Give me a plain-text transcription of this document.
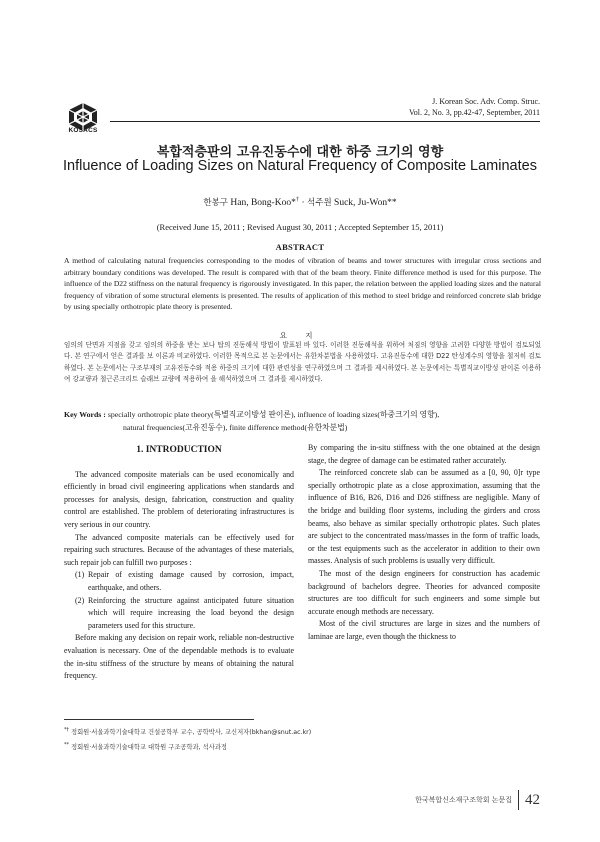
KOSACS
J. Korean Soc. Adv. Comp. Struc.
Vol. 2, No. 3, pp.42-47, September, 2011
복합적층판의 고유진동수에 대한 하중 크기의 영향
Influence of Loading Sizes on Natural Frequency of Composite Laminates
한봉구 Han, Bong-Koo*† · 석주원 Suck, Ju-Won**
(Received June 15, 2011 ; Revised August 30, 2011 ; Accepted September 15, 2011)
ABSTRACT
A method of calculating natural frequencies corresponding to the modes of vibration of beams and tower structures with irregular cross sections and arbitrary boundary conditions was developed. The result is compared with that of the beam theory. Finite difference method is used for this purpose. The influence of the D22 stiffness on the natural frequency is rigorously investigated. In this paper, the relation between the applied loading sizes and the natural frequency of vibration of some structural elements is presented. The results of application of this method to steel bridge and reinforced concrete slab bridge by using specially orthotropic plate theory is presented.
요 지
임의의 단면과 지점을 갖고 임의의 하중을 받는 보나 탑의 진동해석 방법이 발표된 바 있다. 이러한 진동해석을 위하여 처짐의 영향을 고려한 다양한 방법이 검토되었다. 본 연구에서 얻은 결과를 보 이론과 비교하였다. 이러한 목적으로 본 논문에서는 유한차분법을 사용하였다. 고유진동수에 대한 D22 탄성계수의 영향을 철저히 검토하였다. 본 논문에서는 구조부재의 고유진동수와 적용 하중의 크기에 대한 관련성을 연구하였으며 그 결과를 제시하였다. 본 논문에서는 특별직교이방성 판이론 이용하여 강교량과 철근콘크리트 슬래브 교량에 적용하여 을 해석하였으며 그 결과를 제시하였다.
Key Words : specially orthotropic plate theory(특별직교이방성 판이론), influence of loading sizes(하중크기의 영향),
natural frequencies(고유진동수), finite difference method(유한차분법)
1. INTRODUCTION

The advanced composite materials can be used economically and efficiently in broad civil engineering applications when standards and processes for analysis, design, fabrication, construction and quality control are established. The problem of deteriorating infrastructures is very serious in our country.

The advanced composite materials can be effectively used for repairing such structures. Because of the advantages of these materials, such repair job can fulfill two purposes :

(1) Repair of existing damage caused by corrosion, impact, earthquake, and others.
(2) Reinforcing the structure against anticipated future situation which will require increasing the load beyond the design parameters used for this structure.

Before making any decision on repair work, reliable non-destructive evaluation is necessary. One of the dependable methods is to evaluate the in-situ stiffness of the structure by means of obtaining the natural frequency.

By comparing the in-situ stiffness with the one obtained at the design stage, the degree of damage can be estimated rather accurately.

The reinforced concrete slab can be assumed as a [0, 90, 0]r type specially orthotropic plate as a close approximation, assuming that the influence of B16, B26, D16 and D26 stiffness are negligible. Many of the bridge and building floor systems, including the girders and cross beams, also behave as similar specially orthotropic plates. Such plates are subject to the concentrated mass/masses in the form of traffic loads, or the test equipments such as the accelerator in addition to their own masses. Analysis of such problems is usually very difficult.

The most of the design engineers for construction has academic background of bachelors degree. Theories for advanced composite structures are too difficult for such engineers and some simple but accurate enough methods are necessary.

Most of the civil structures are large in sizes and the numbers of laminae are large, even though the thickness to

*† 정회원·서울과학기술대학교 건설공학부 교수, 공학박사, 교신저자(bkhan@snut.ac.kr)
** 정회원·서울과학기술대학교 대학원 구조공학과, 석사과정
한국복합신소재구조학회 논문집 42
